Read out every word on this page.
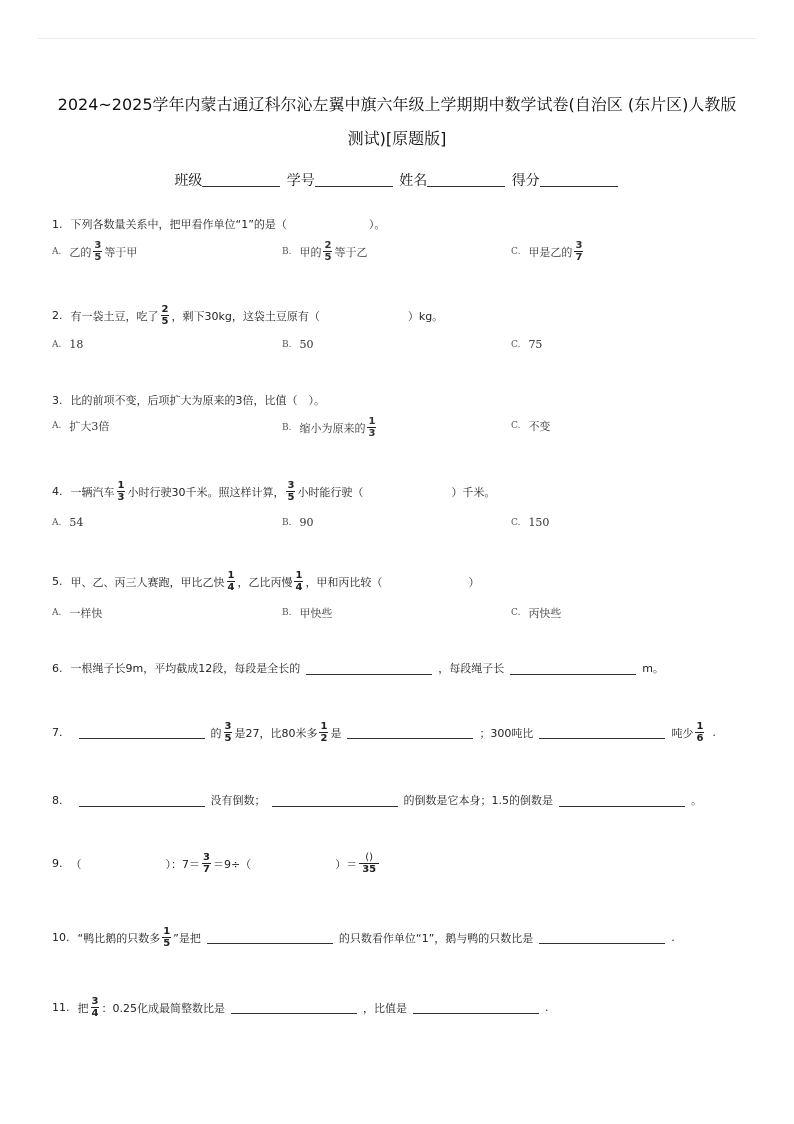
2024~2025学年内蒙古通辽科尔沁左翼中旗六年级上学期期中数学试卷(自治区 (东片区)人教版
测试)[原题版]
班级	学号	姓名	得分
1. 下列各数量关系中，把甲看作单位“1”的是（	）。
A. 乙的 $\frac{3}{5}$ 等于甲	B. 甲的 $\frac{2}{5}$ 等于乙	C. 甲是乙的 $\frac{3}{7}$
2. 有一袋土豆，吃了 $\frac{2}{5}$ ，剩下30kg，这袋土豆原有（	）kg。
A. 18	B. 50	C. 75
3. 比的前项不变，后项扩大为原来的3倍，比值（　）。
A. 扩大3倍	B. 缩小为原来的 $\frac{1}{3}$	C. 不变
4. 一辆汽车 $\frac{1}{3}$ 小时行驶30千米。照这样计算， $\frac{3}{5}$ 小时能行驶（	）千米。
A. 54	B. 90	C. 150
5. 甲、乙、丙三人赛跑，甲比乙快 $\frac{1}{4}$ ，乙比丙慢 $\frac{1}{4}$ ，甲和丙比较（	）
A. 一样快	B. 甲快些	C. 丙快些
6. 一根绳子长9m，平均截成12段，每段是全长的	，每段绳子长	m。
7.	的 $\frac{3}{5}$ 是27，比80米多 $\frac{1}{2}$ 是	；300吨比	吨少 $\frac{1}{6}$ .
8.	没有倒数；	的倒数是它本身；1.5的倒数是	。
9. （	）：$7= \frac{3}{7} =9\div$（	）＝ $\frac{()}{35}$
10. “鸭比鹅的只数多 $\frac{1}{5}$ ”是把	的只数看作单位“1”，鹅与鸭的只数比是	.
11. 把 $\frac{3}{4}$ ：0.25化成最简整数比是	，比值是	.
